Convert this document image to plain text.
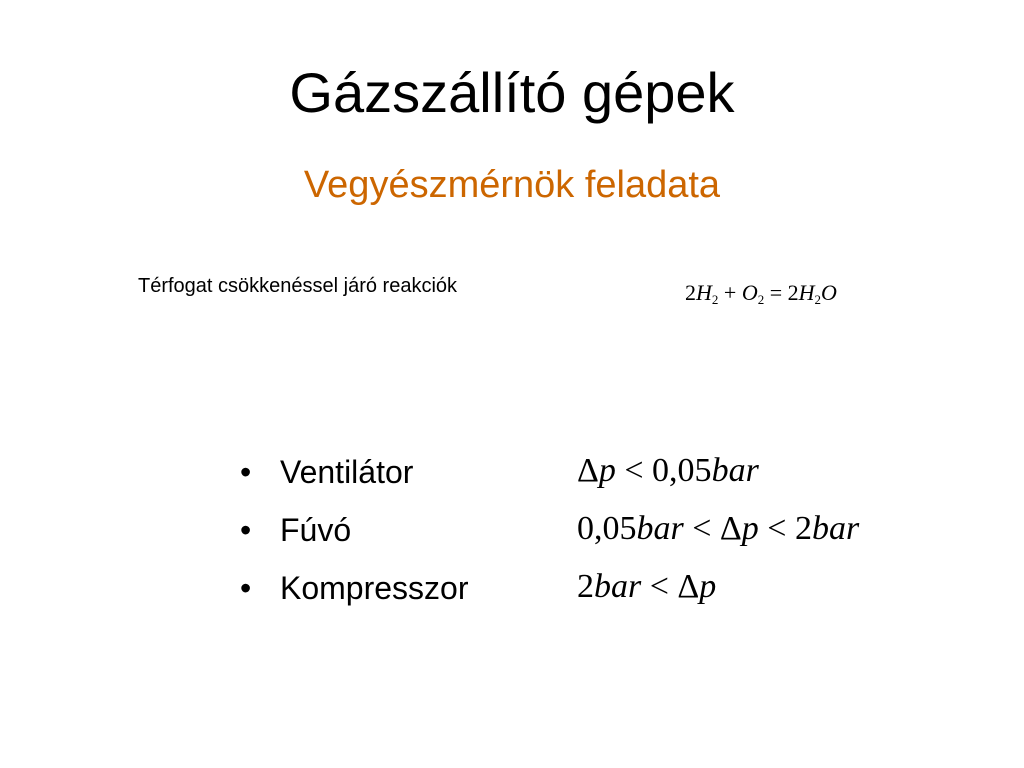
Gázszállító gépek
Vegyészmérnök feladata
Térfogat csökkenéssel járó reakciók	$2H_2 + O_2 = 2H_2O$
• Ventilátor	Δp < 0,05bar
• Fúvó	0,05bar < Δp < 2bar
• Kompresszor	2bar < Δp
